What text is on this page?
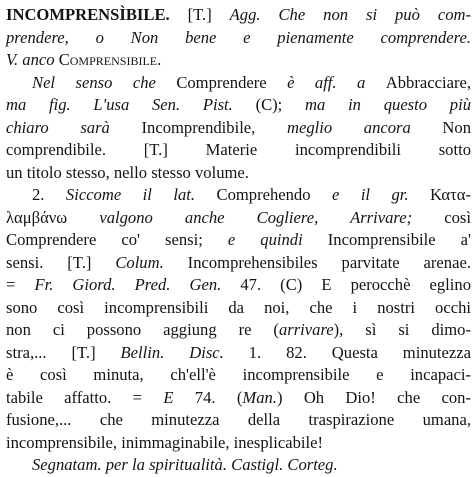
INCOMPRENSÌBILE. [T.] Agg. Che non si può com-
prendere, o Non bene e pienamente comprendere.
V. anco Comprensibile.
Nel senso che Comprendere è aff. a Abbracciare,
ma fig. L'usa Sen. Pist. (C); ma in questo più
chiaro sarà Incomprendibile, meglio ancora Non
comprendibile. [T.] Materie incomprendibili sotto
un titolo stesso, nello stesso volume.
2. Siccome il lat. Comprehendo e il gr. Κατα-
λαμβάνω valgono anche Cogliere, Arrivare; così
Comprendere co' sensi; e quindi Incomprensibile a'
sensi. [T.] Colum. Incomprehensibiles parvitate arenae.
= Fr. Giord. Pred. Gen. 47. (C) E perocchè eglino
sono così incomprensibili da noi, che i nostri occhi
non ci possono aggiung re (arrivare), sì si dimo-
stra,... [T.] Bellin. Disc. 1. 82. Questa minutezza
è così minuta, ch'ell'è incomprensibile e incapaci-
tabile affatto. = E 74. (Man.) Oh Dio! che con-
fusione,... che minutezza della traspirazione umana,
incomprensibile, inimmaginabile, inesplicabile!
Segnatam. per la spiritualità. Castigl. Corteg.
